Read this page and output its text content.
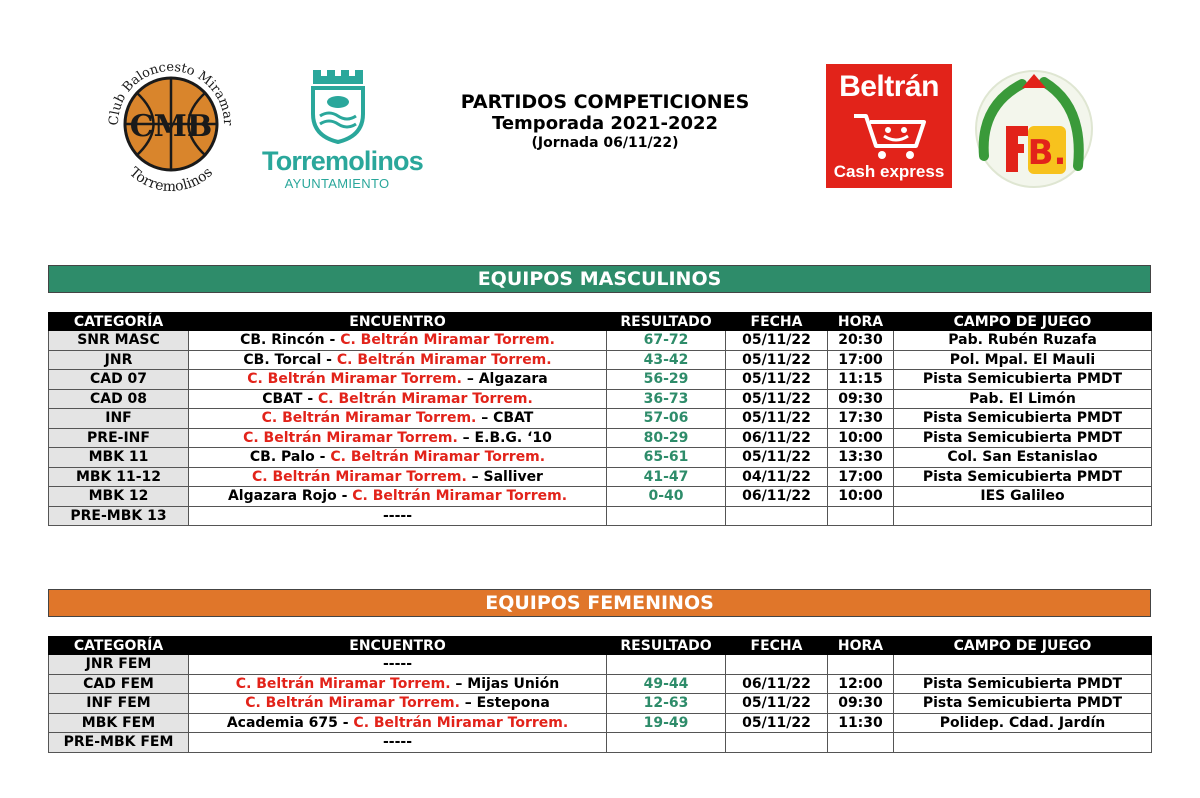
CMB
Club Baloncesto Miramar
Torremolinos Torremolinos
AYUNTAMIENTO
PARTIDOS COMPETICIONES
Temporada 2021-2022
(Jornada 06/11/22)
Beltrán
Cash express B.
EQUIPOS MASCULINOS
CATEGORÍA	ENCUENTRO	RESULTADO	FECHA	HORA	CAMPO DE JUEGO
SNR MASC	CB. Rincón - C. Beltrán Miramar Torrem.	67-72	05/11/22	20:30	Pab. Rubén Ruzafa
JNR	CB. Torcal - C. Beltrán Miramar Torrem.	43-42	05/11/22	17:00	Pol. Mpal. El Mauli
CAD 07	C. Beltrán Miramar Torrem. – Algazara	56-29	05/11/22	11:15	Pista Semicubierta PMDT
CAD 08	CBAT - C. Beltrán Miramar Torrem.	36-73	05/11/22	09:30	Pab. El Limón
INF	C. Beltrán Miramar Torrem. – CBAT	57-06	05/11/22	17:30	Pista Semicubierta PMDT
PRE-INF	C. Beltrán Miramar Torrem. – E.B.G. ‘10	80-29	06/11/22	10:00	Pista Semicubierta PMDT
MBK 11	CB. Palo - C. Beltrán Miramar Torrem.	65-61	05/11/22	13:30	Col. San Estanislao
MBK 11-12	C. Beltrán Miramar Torrem. – Salliver	41-47	04/11/22	17:00	Pista Semicubierta PMDT
MBK 12	Algazara Rojo - C. Beltrán Miramar Torrem.	0-40	06/11/22	10:00	IES Galileo
PRE-MBK 13	-----				
EQUIPOS FEMENINOS
CATEGORÍA	ENCUENTRO	RESULTADO	FECHA	HORA	CAMPO DE JUEGO
JNR FEM	-----				
CAD FEM	C. Beltrán Miramar Torrem. – Mijas Unión	49-44	06/11/22	12:00	Pista Semicubierta PMDT
INF FEM	C. Beltrán Miramar Torrem. – Estepona	12-63	05/11/22	09:30	Pista Semicubierta PMDT
MBK FEM	Academia 675 - C. Beltrán Miramar Torrem.	19-49	05/11/22	11:30	Polidep. Cdad. Jardín
PRE-MBK FEM	-----				
